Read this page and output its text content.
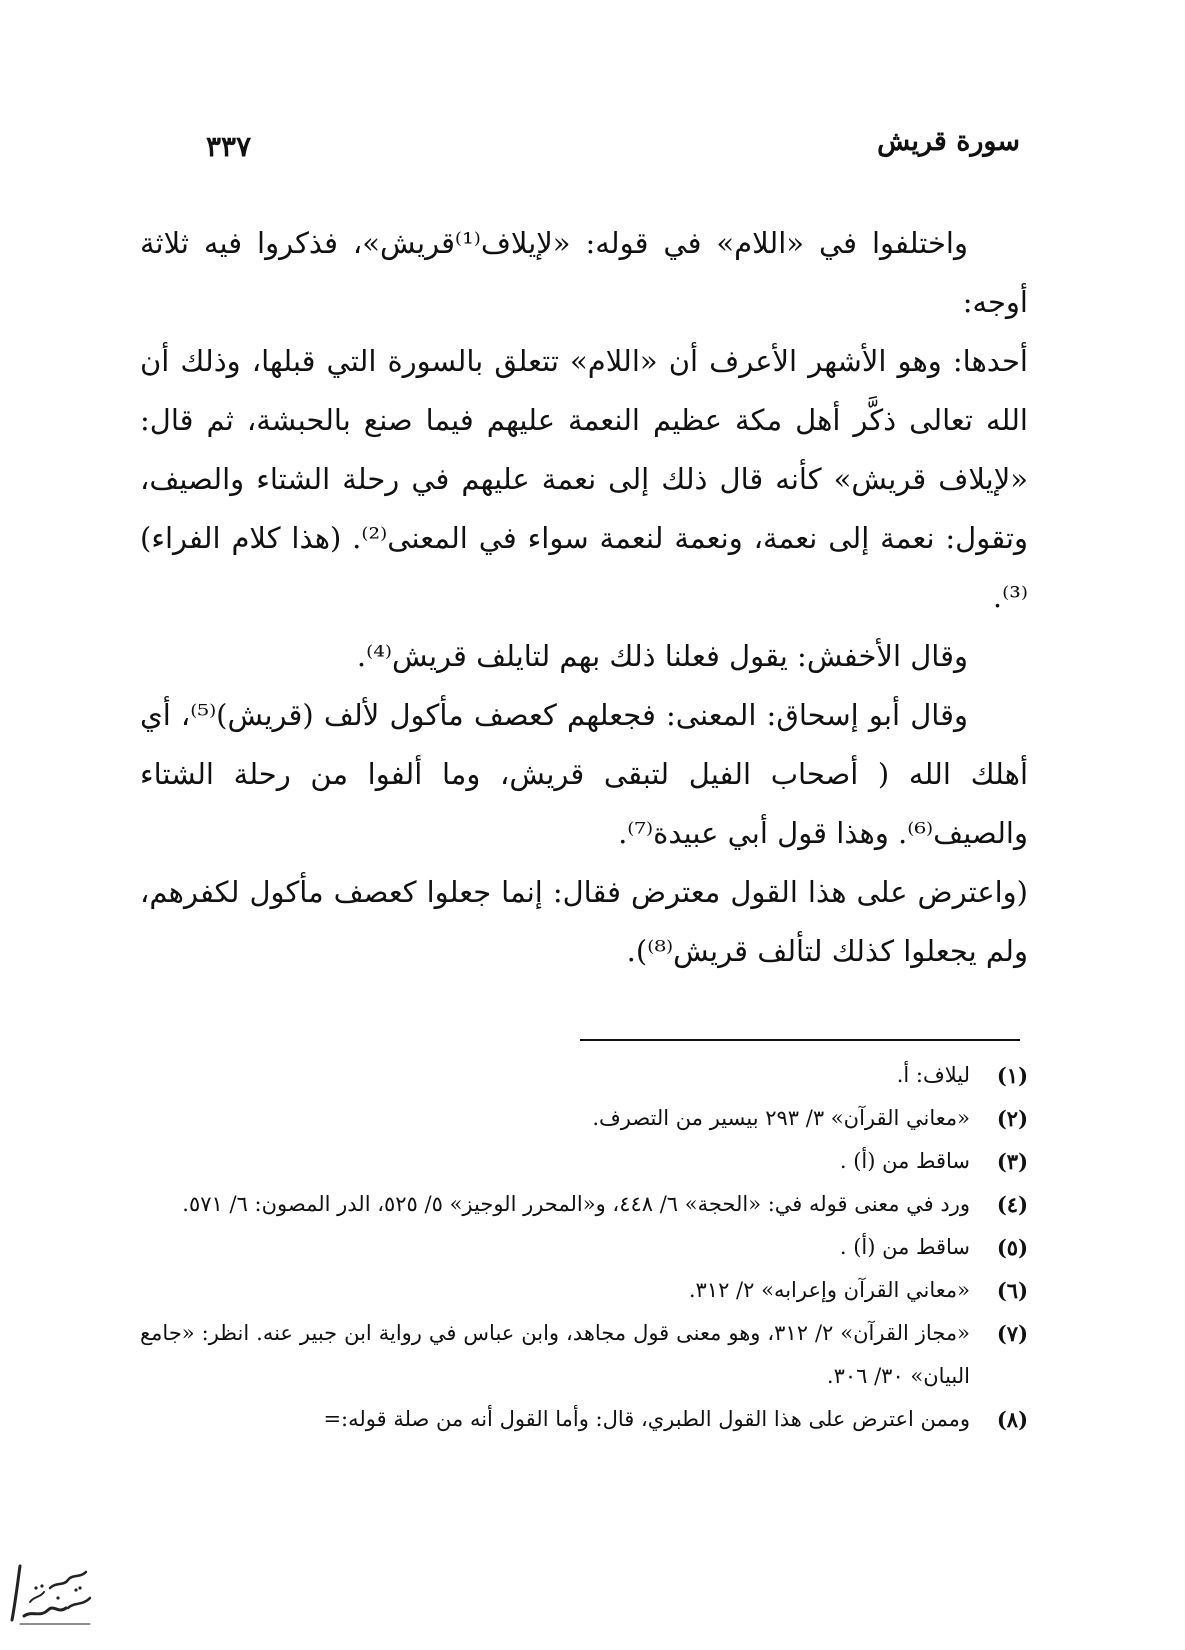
سورة قريش
٣٣٧

واختلفوا في «اللام» في قوله: «لإيلاف⁽¹⁾قريش»، فذكروا فيه ثلاثة أوجه:

أحدها: وهو الأشهر الأعرف أن «اللام» تتعلق بالسورة التي قبلها، وذلك أن الله تعالى ذكَّر أهل مكة عظيم النعمة عليهم فيما صنع بالحبشة، ثم قال: «لإيلاف قريش» كأنه قال ذلك إلى نعمة عليهم في رحلة الشتاء والصيف، وتقول: نعمة إلى نعمة، ونعمة لنعمة سواء في المعنى⁽²⁾. (هذا كلام الفراء)⁽³⁾.

وقال الأخفش: يقول فعلنا ذلك بهم لتايلف قريش⁽⁴⁾.

وقال أبو إسحاق: المعنى: فجعلهم كعصف مأكول لألف (قريش)⁽⁵⁾، أي أهلك الله ( أصحاب الفيل لتبقى قريش، وما ألفوا من رحلة الشتاء والصيف⁽⁶⁾. وهذا قول أبي عبيدة⁽⁷⁾.

(واعترض على هذا القول معترض فقال: إنما جعلوا كعصف مأكول لكفرهم، ولم يجعلوا كذلك لتألف قريش⁽⁸⁾).

(١)
ليلاف: أ.
(٢)
«معاني القرآن» ٣/ ٢٩٣ بيسير من التصرف.
(٣)
ساقط من (أ) .
(٤)
ورد في معنى قوله في: «الحجة» ٦/ ٤٤٨، و«المحرر الوجيز» ٥/ ٥٢٥، الدر المصون: ٦/ ٥٧١.
(٥)
ساقط من (أ) .
(٦)
«معاني القرآن وإعرابه» ٢/ ٣١٢.
(٧)
«مجاز القرآن» ٢/ ٣١٢، وهو معنى قول مجاهد، وابن عباس في رواية ابن جبير عنه. انظر: «جامع البيان» ٣٠/ ٣٠٦.
(٨)
وممن اعترض على هذا القول الطبري، قال: وأما القول أنه من صلة قوله:=
